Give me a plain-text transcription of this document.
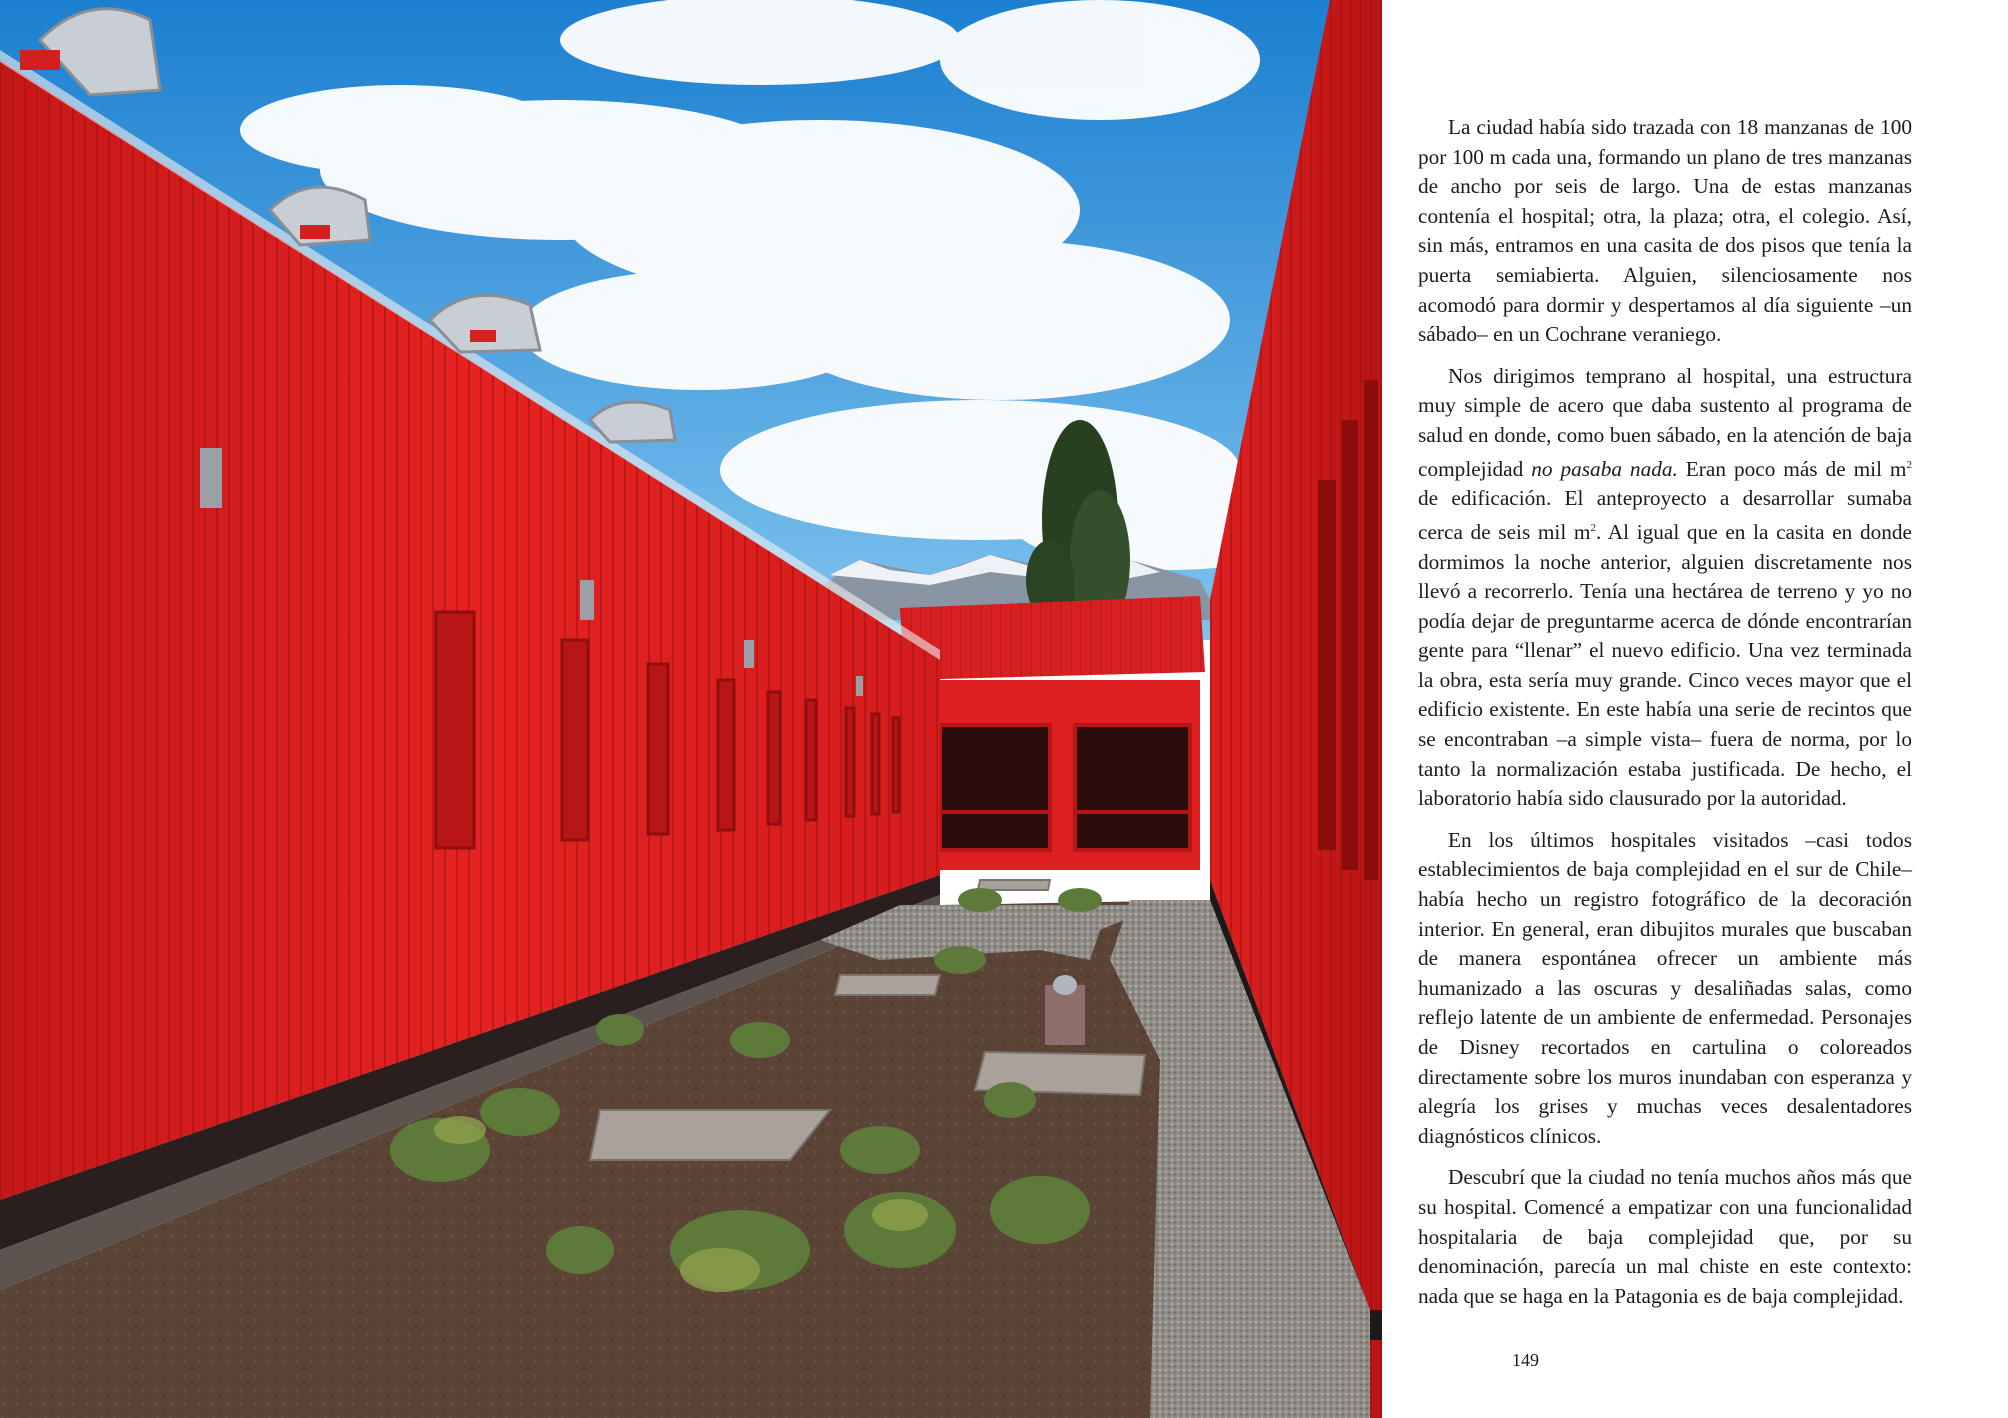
La ciudad había sido trazada con 18 manzanas de 100 por 100 m cada una, formando un plano de tres manzanas de ancho por seis de largo. Una de estas manzanas contenía el hospital; otra, la plaza; otra, el colegio. Así, sin más, entramos en una casita de dos pisos que tenía la puerta semiabierta. Alguien, silenciosamente nos acomodó para dormir y despertamos al día siguiente –un sábado– en un Cochrane veraniego.

Nos dirigimos temprano al hospital, una estructura muy simple de acero que daba sustento al programa de salud en donde, como buen sábado, en la atención de baja complejidad no pasaba nada. Eran poco más de mil $m^2$ de edificación. El anteproyecto a desarrollar sumaba cerca de seis mil $m^2$. Al igual que en la casita en donde dormimos la noche anterior, alguien discretamente nos llevó a recorrerlo. Tenía una hectárea de terreno y yo no podía dejar de preguntarme acerca de dónde encontrarían gente para “llenar” el nuevo edificio. Una vez terminada la obra, esta sería muy grande. Cinco veces mayor que el edificio existente. En este había una serie de recintos que se encontraban –a simple vista– fuera de norma, por lo tanto la normalización estaba justificada. De hecho, el laboratorio había sido clausurado por la autoridad.

En los últimos hospitales visitados –casi todos establecimientos de baja complejidad en el sur de Chile– había hecho un registro fotográfico de la decoración interior. En general, eran dibujitos murales que buscaban de manera espontánea ofrecer un ambiente más humanizado a las oscuras y desaliñadas salas, como reflejo latente de un ambiente de enfermedad. Personajes de Disney recortados en cartulina o coloreados directamente sobre los muros inundaban con esperanza y alegría los grises y muchas veces desalentadores diagnósticos clínicos.

Descubrí que la ciudad no tenía muchos años más que su hospital. Comencé a empatizar con una funcionalidad hospitalaria de baja complejidad que, por su denominación, parecía un mal chiste en este contexto: nada que se haga en la Patagonia es de baja complejidad.

149
